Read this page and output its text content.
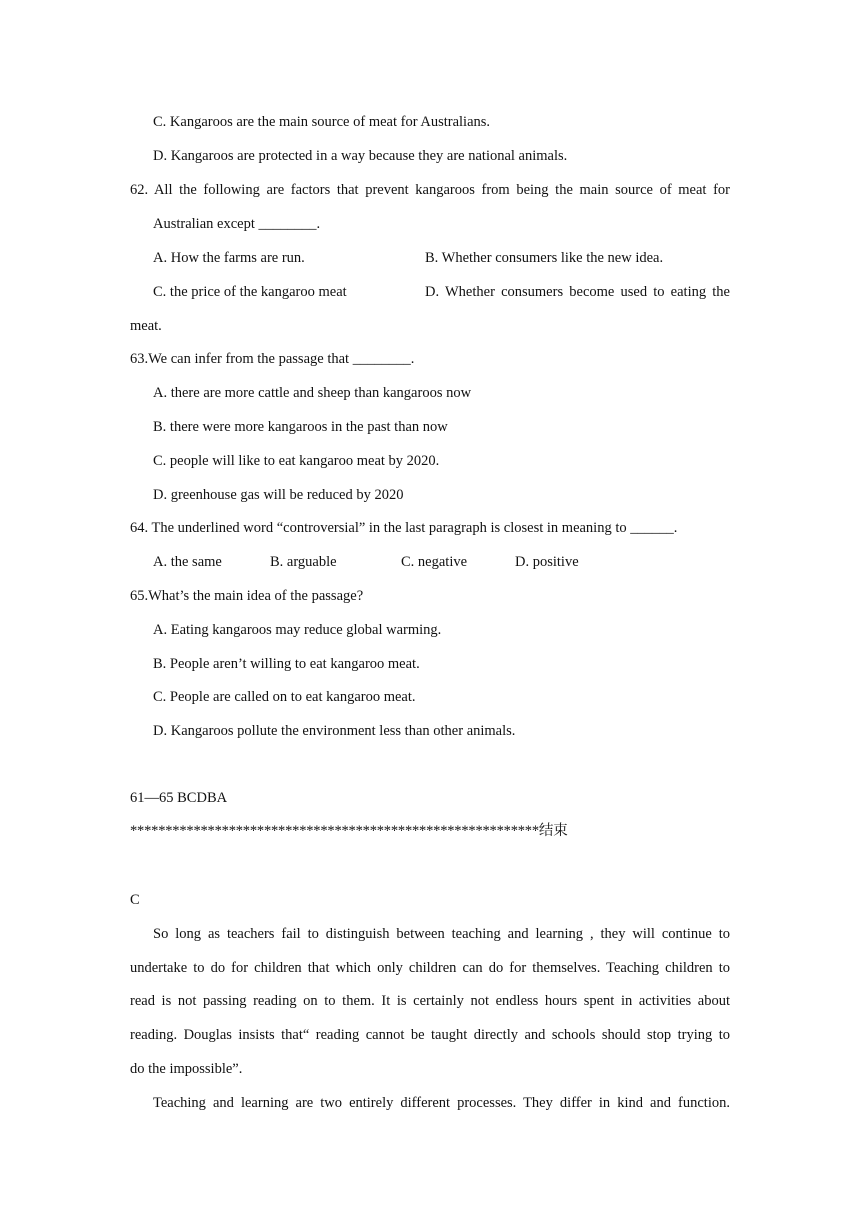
C. Kangaroos are the main source of meat for Australians.
D. Kangaroos are protected in a way because they are national animals.
62. All the following are factors that prevent kangaroos from being the main source of meat for
Australian except ________.
A. How the farms are run.	B. Whether consumers like the new idea.
C. the price of the kangaroo meat	D. Whether consumers become used to eating the
meat.
63.We can infer from the passage that ________.
A. there are more cattle and sheep than kangaroos now
B. there were more kangaroos in the past than now
C. people will like to eat kangaroo meat by 2020.
D. greenhouse gas will be reduced by 2020
64. The underlined word “controversial” in the last paragraph is closest in meaning to ______.
A. the same	B. arguable	C. negative	D. positive
65.What’s the main idea of the passage?
A. Eating kangaroos may reduce global warming.
B. People aren’t willing to eat kangaroo meat.
C. People are called on to eat kangaroo meat.
D. Kangaroos pollute the environment less than other animals.
61—65 BCDBA
**********************************************************结束
C
So long as teachers fail to distinguish between teaching and learning , they will continue to
undertake to do for children that which only children can do for themselves. Teaching children to
read is not passing reading on to them. It is certainly not endless hours spent in activities about
reading. Douglas insists that“ reading cannot be taught directly and schools should stop trying to
do the impossible”.
Teaching and learning are two entirely different processes. They differ in kind and function.
